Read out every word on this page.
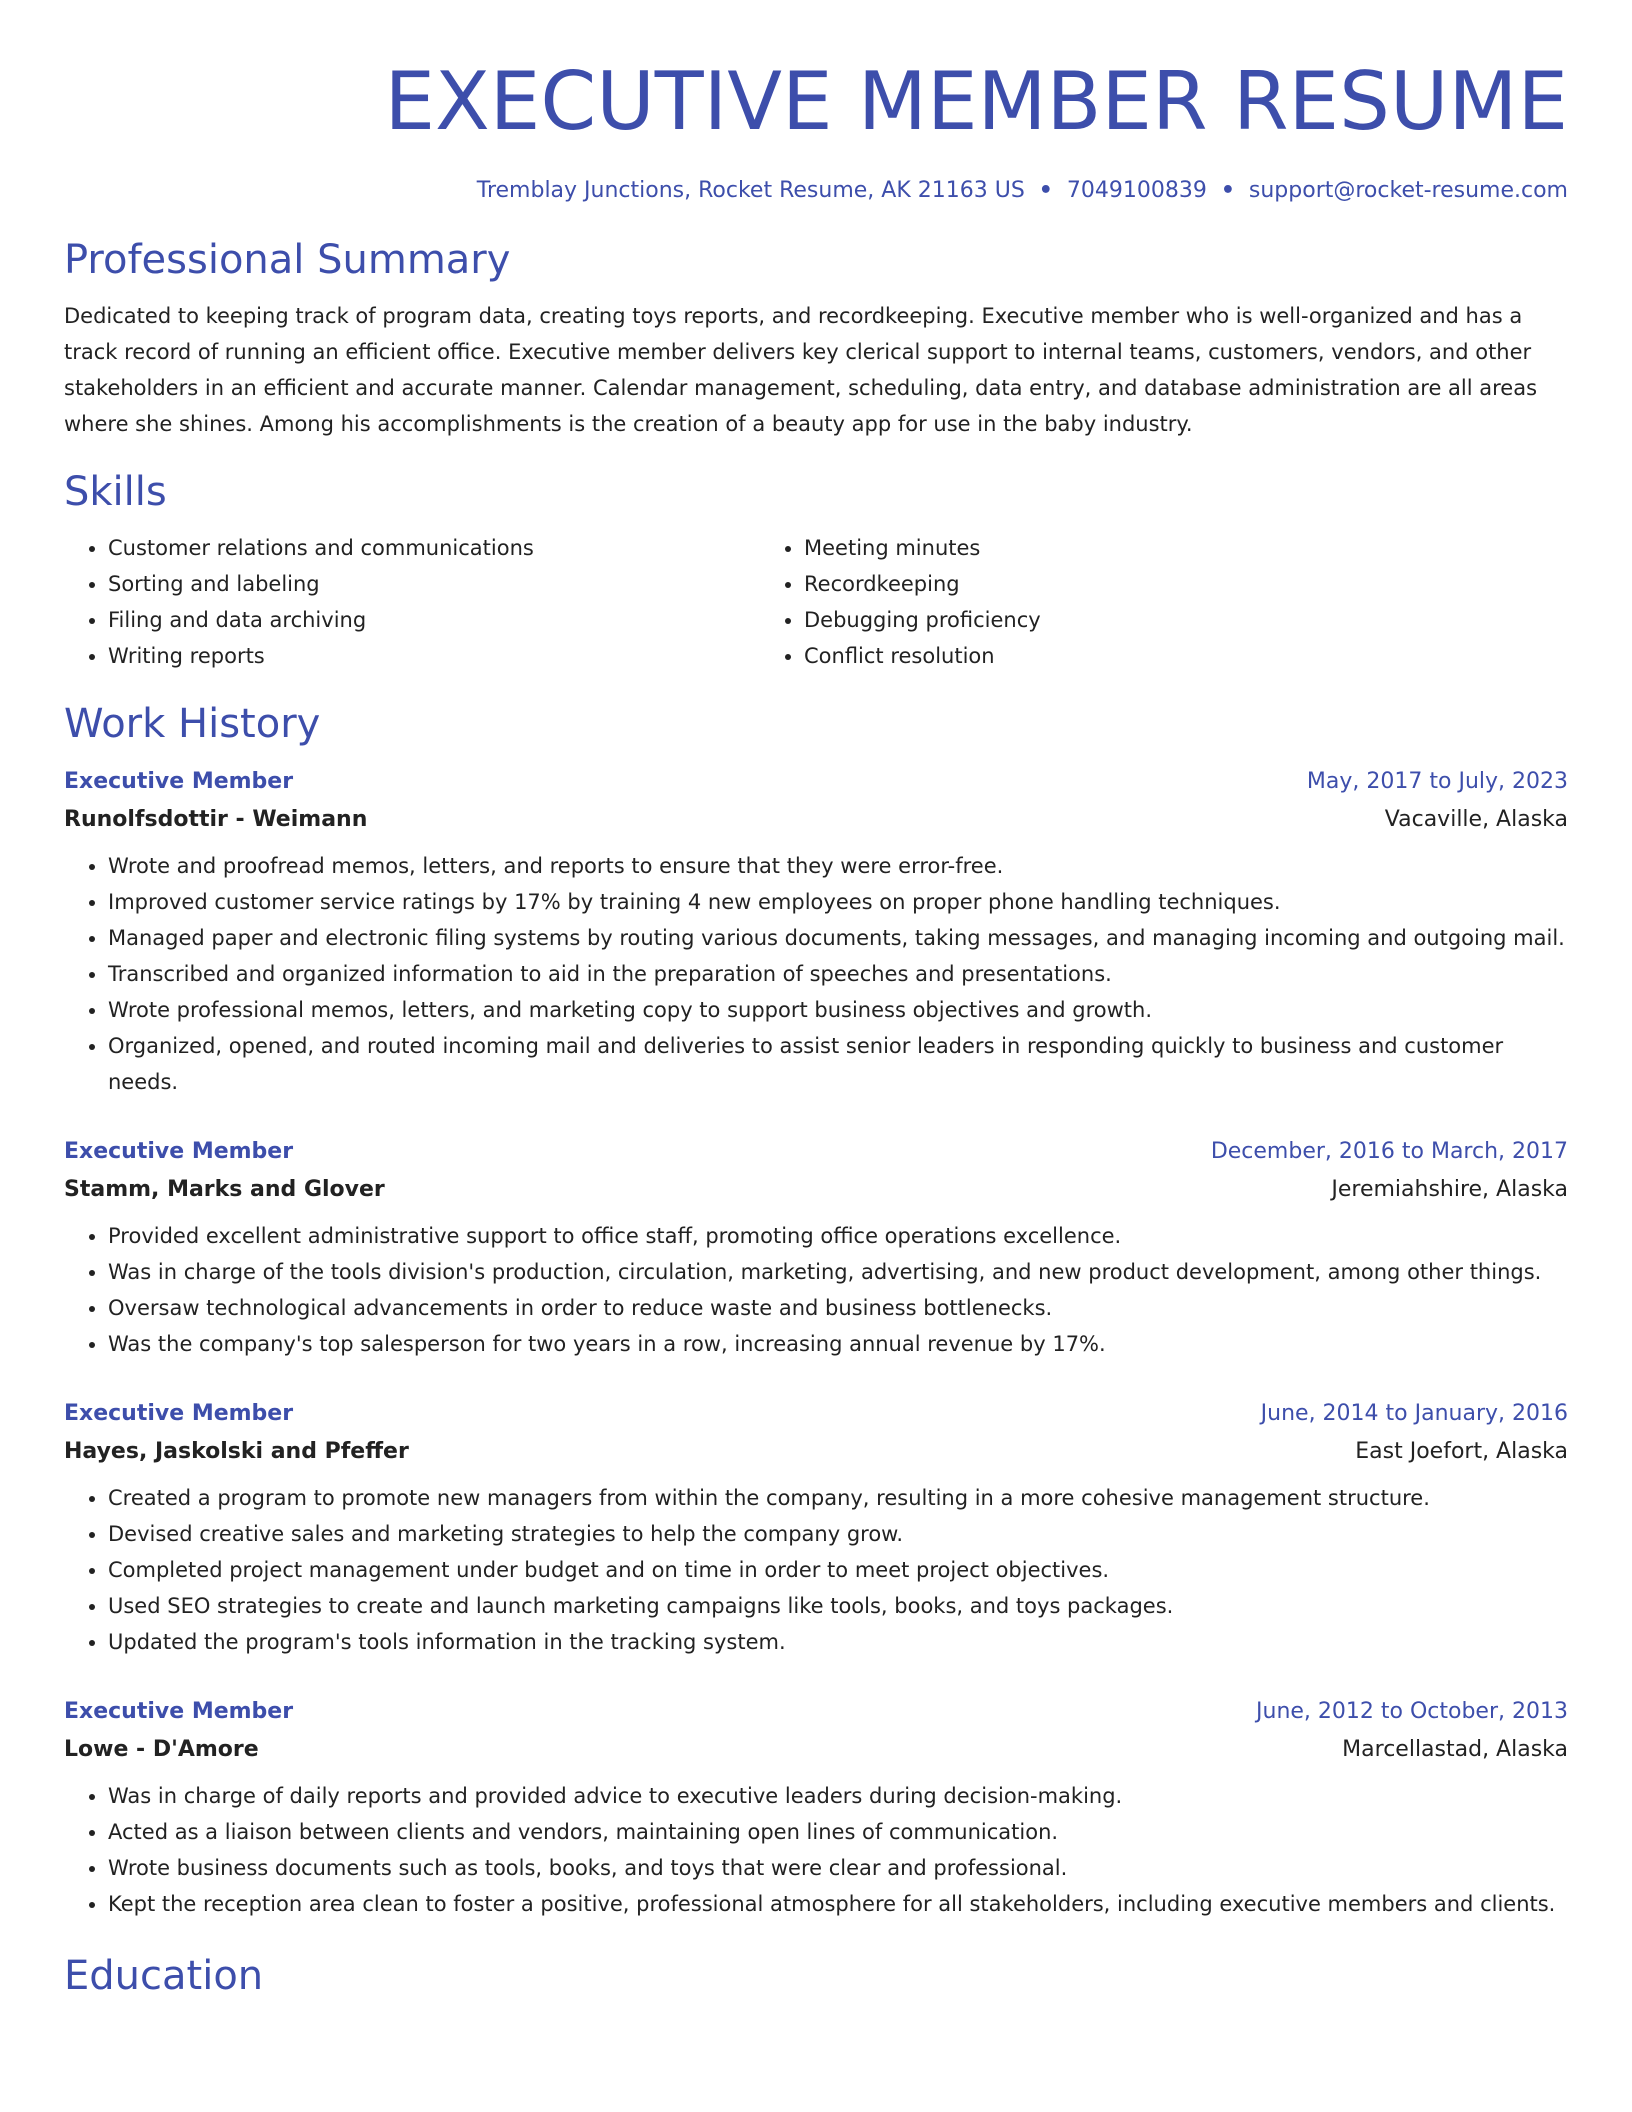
EXECUTIVE MEMBER RESUME
Tremblay Junctions, Rocket Resume, AK 21163 US • 7049100839 • support@rocket-resume.com
Professional Summary
Dedicated to keeping track of program data, creating toys reports, and recordkeeping. Executive member who is well-organized and has a track record of running an efficient office. Executive member delivers key clerical support to internal teams, customers, vendors, and other stakeholders in an efficient and accurate manner. Calendar management, scheduling, data entry, and database administration are all areas where she shines. Among his accomplishments is the creation of a beauty app for use in the baby industry.
Skills
• Customer relations and communications
• Sorting and labeling
• Filing and data archiving
• Writing reports
• Meeting minutes
• Recordkeeping
• Debugging proficiency
• Conflict resolution
Work History
Executive Member	May, 2017 to July, 2023
Runolfsdottir - Weimann	Vacaville, Alaska
• Wrote and proofread memos, letters, and reports to ensure that they were error-free.
• Improved customer service ratings by 17% by training 4 new employees on proper phone handling techniques.
• Managed paper and electronic filing systems by routing various documents, taking messages, and managing incoming and outgoing mail.
• Transcribed and organized information to aid in the preparation of speeches and presentations.
• Wrote professional memos, letters, and marketing copy to support business objectives and growth.
• Organized, opened, and routed incoming mail and deliveries to assist senior leaders in responding quickly to business and customer needs.
Executive Member	December, 2016 to March, 2017
Stamm, Marks and Glover	Jeremiahshire, Alaska
• Provided excellent administrative support to office staff, promoting office operations excellence.
• Was in charge of the tools division's production, circulation, marketing, advertising, and new product development, among other things.
• Oversaw technological advancements in order to reduce waste and business bottlenecks.
• Was the company's top salesperson for two years in a row, increasing annual revenue by 17%.
Executive Member	June, 2014 to January, 2016
Hayes, Jaskolski and Pfeffer	East Joefort, Alaska
• Created a program to promote new managers from within the company, resulting in a more cohesive management structure.
• Devised creative sales and marketing strategies to help the company grow.
• Completed project management under budget and on time in order to meet project objectives.
• Used SEO strategies to create and launch marketing campaigns like tools, books, and toys packages.
• Updated the program's tools information in the tracking system.
Executive Member	June, 2012 to October, 2013
Lowe - D'Amore	Marcellastad, Alaska
• Was in charge of daily reports and provided advice to executive leaders during decision-making.
• Acted as a liaison between clients and vendors, maintaining open lines of communication.
• Wrote business documents such as tools, books, and toys that were clear and professional.
• Kept the reception area clean to foster a positive, professional atmosphere for all stakeholders, including executive members and clients.
Education
